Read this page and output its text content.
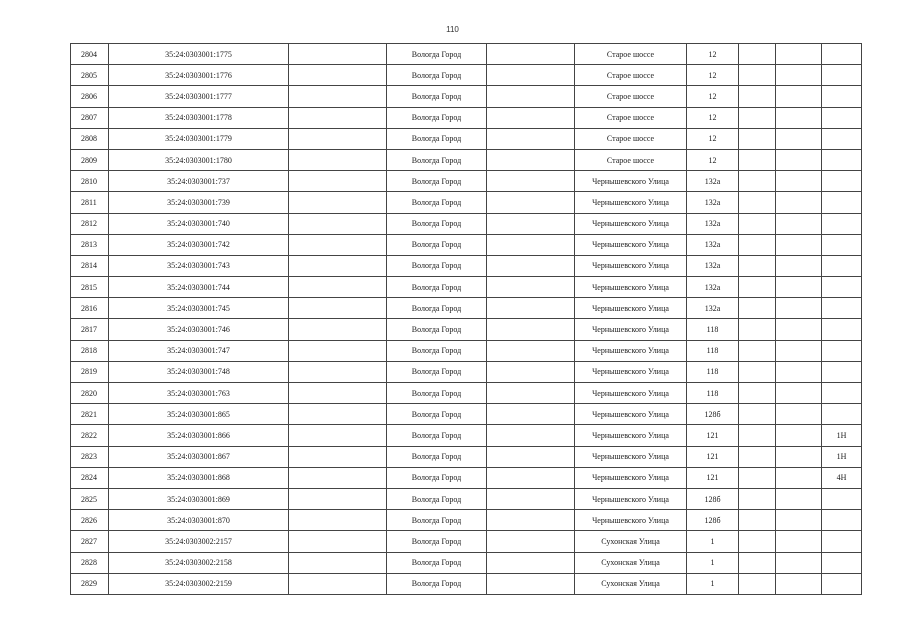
110
2804	35:24:0303001:1775		Вологда Город		Старое шоссе	12			
2805	35:24:0303001:1776		Вологда Город		Старое шоссе	12			
2806	35:24:0303001:1777		Вологда Город		Старое шоссе	12			
2807	35:24:0303001:1778		Вологда Город		Старое шоссе	12			
2808	35:24:0303001:1779		Вологда Город		Старое шоссе	12			
2809	35:24:0303001:1780		Вологда Город		Старое шоссе	12			
2810	35:24:0303001:737		Вологда Город		Чернышевского Улица	132а			
2811	35:24:0303001:739		Вологда Город		Чернышевского Улица	132а			
2812	35:24:0303001:740		Вологда Город		Чернышевского Улица	132а			
2813	35:24:0303001:742		Вологда Город		Чернышевского Улица	132а			
2814	35:24:0303001:743		Вологда Город		Чернышевского Улица	132а			
2815	35:24:0303001:744		Вологда Город		Чернышевского Улица	132а			
2816	35:24:0303001:745		Вологда Город		Чернышевского Улица	132а			
2817	35:24:0303001:746		Вологда Город		Чернышевского Улица	118			
2818	35:24:0303001:747		Вологда Город		Чернышевского Улица	118			
2819	35:24:0303001:748		Вологда Город		Чернышевского Улица	118			
2820	35:24:0303001:763		Вологда Город		Чернышевского Улица	118			
2821	35:24:0303001:865		Вологда Город		Чернышевского Улица	128б			
2822	35:24:0303001:866		Вологда Город		Чернышевского Улица	121			1Н
2823	35:24:0303001:867		Вологда Город		Чернышевского Улица	121			1Н
2824	35:24:0303001:868		Вологда Город		Чернышевского Улица	121			4Н
2825	35:24:0303001:869		Вологда Город		Чернышевского Улица	128б			
2826	35:24:0303001:870		Вологда Город		Чернышевского Улица	128б			
2827	35:24:0303002:2157		Вологда Город		Сухонская Улица	1			
2828	35:24:0303002:2158		Вологда Город		Сухонская Улица	1			
2829	35:24:0303002:2159		Вологда Город		Сухонская Улица	1			
